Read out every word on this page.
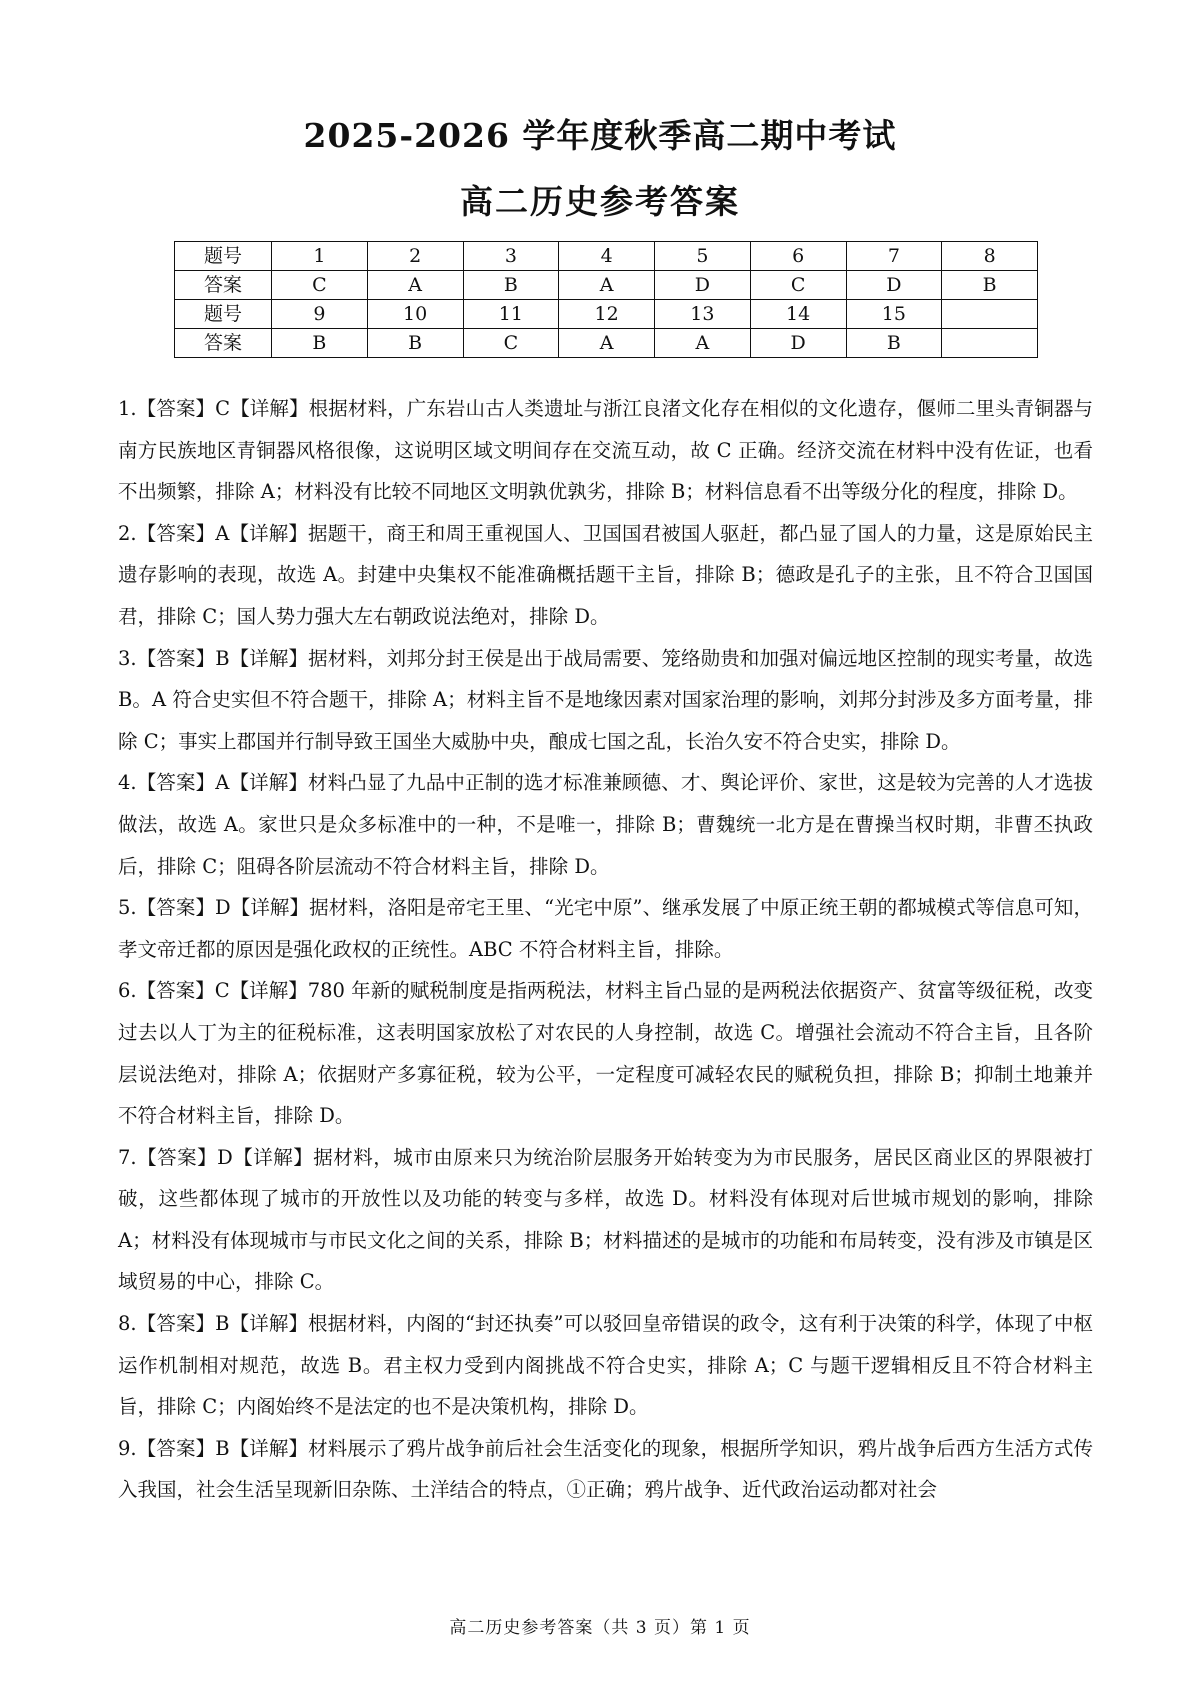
2025-2026 学年度秋季高二期中考试
高二历史参考答案
题号	1	2	3	4	5	6	7	8
答案	C	A	B	A	D	C	D	B
题号	9	10	11	12	13	14	15	
答案	B	B	C	A	A	D	B	

1.【答案】C【详解】根据材料，广东岩山古人类遗址与浙江良渚文化存在相似的文化遗存，偃师二里头青铜器与南方民族地区青铜器风格很像，这说明区域文明间存在交流互动，故 C 正确。经济交流在材料中没有佐证，也看不出频繁，排除 A；材料没有比较不同地区文明孰优孰劣，排除 B；材料信息看不出等级分化的程度，排除 D。

2.【答案】A【详解】据题干，商王和周王重视国人、卫国国君被国人驱赶，都凸显了国人的力量，这是原始民主遗存影响的表现，故选 A。封建中央集权不能准确概括题干主旨，排除 B；德政是孔子的主张，且不符合卫国国君，排除 C；国人势力强大左右朝政说法绝对，排除 D。

3.【答案】B【详解】据材料，刘邦分封王侯是出于战局需要、笼络勋贵和加强对偏远地区控制的现实考量，故选 B。A 符合史实但不符合题干，排除 A；材料主旨不是地缘因素对国家治理的影响，刘邦分封涉及多方面考量，排除 C；事实上郡国并行制导致王国坐大威胁中央，酿成七国之乱，长治久安不符合史实，排除 D。

4.【答案】A【详解】材料凸显了九品中正制的选才标准兼顾德、才、舆论评价、家世，这是较为完善的人才选拔做法，故选 A。家世只是众多标准中的一种，不是唯一，排除 B；曹魏统一北方是在曹操当权时期，非曹丕执政后，排除 C；阻碍各阶层流动不符合材料主旨，排除 D。

5.【答案】D【详解】据材料，洛阳是帝宅王里、“光宅中原”、继承发展了中原正统王朝的都城模式等信息可知，孝文帝迁都的原因是强化政权的正统性。ABC 不符合材料主旨，排除。

6.【答案】C【详解】780 年新的赋税制度是指两税法，材料主旨凸显的是两税法依据资产、贫富等级征税，改变过去以人丁为主的征税标准，这表明国家放松了对农民的人身控制，故选 C。增强社会流动不符合主旨，且各阶层说法绝对，排除 A；依据财产多寡征税，较为公平，一定程度可减轻农民的赋税负担，排除 B；抑制土地兼并不符合材料主旨，排除 D。

7.【答案】D【详解】据材料，城市由原来只为统治阶层服务开始转变为为市民服务，居民区商业区的界限被打破，这些都体现了城市的开放性以及功能的转变与多样，故选 D。材料没有体现对后世城市规划的影响，排除 A；材料没有体现城市与市民文化之间的关系，排除 B；材料描述的是城市的功能和布局转变，没有涉及市镇是区域贸易的中心，排除 C。

8.【答案】B【详解】根据材料，内阁的“封还执奏”可以驳回皇帝错误的政令，这有利于决策的科学，体现了中枢运作机制相对规范，故选 B。君主权力受到内阁挑战不符合史实，排除 A；C 与题干逻辑相反且不符合材料主旨，排除 C；内阁始终不是法定的也不是决策机构，排除 D。

9.【答案】B【详解】材料展示了鸦片战争前后社会生活变化的现象，根据所学知识，鸦片战争后西方生活方式传入我国，社会生活呈现新旧杂陈、土洋结合的特点，①正确；鸦片战争、近代政治运动都对社会

高二历史参考答案（共 3 页）第 1 页
